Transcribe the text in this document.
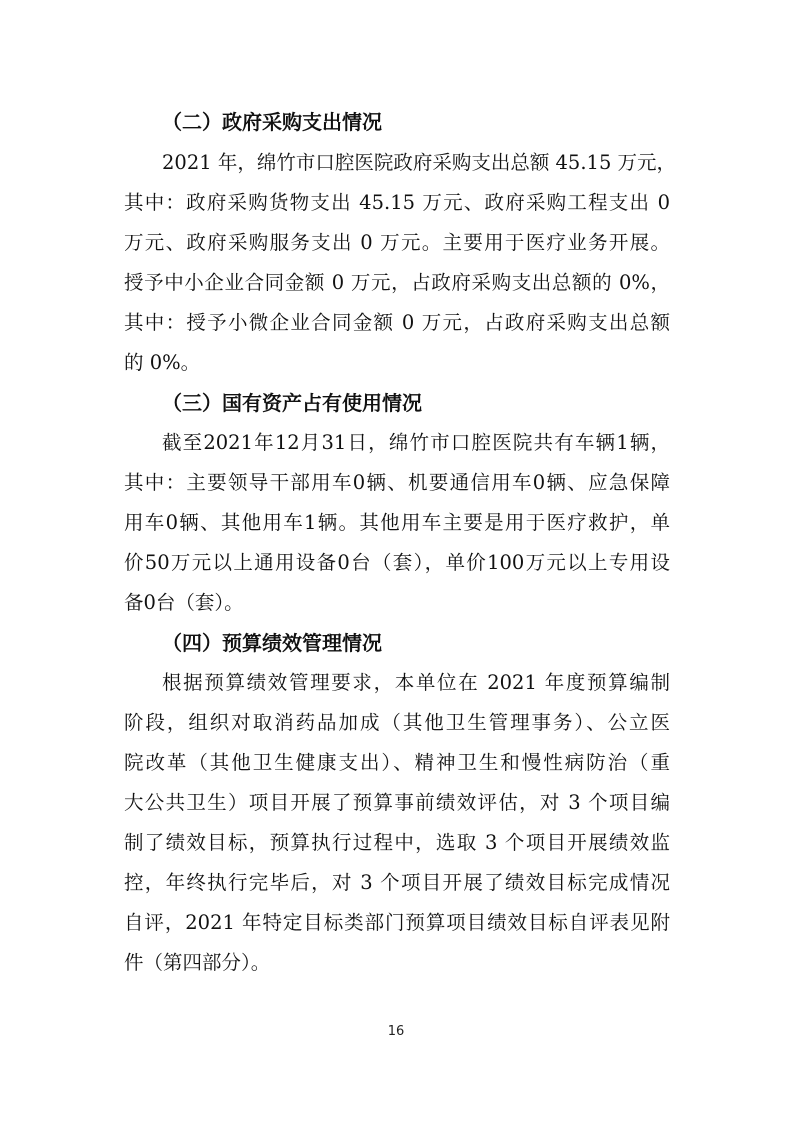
（二）政府采购支出情况
2021 年，绵竹市口腔医院政府采购支出总额 45.15 万元，
其中：政府采购货物支出 45.15 万元、政府采购工程支出 0
万元、政府采购服务支出 0 万元。主要用于医疗业务开展。
授予中小企业合同金额 0 万元，占政府采购支出总额的 0%，
其中：授予小微企业合同金额 0 万元，占政府采购支出总额
的 0%。
（三）国有资产占有使用情况
截至2021年12月31日，绵竹市口腔医院共有车辆1辆，
其中：主要领导干部用车0辆、机要通信用车0辆、应急保障
用车0辆、其他用车1辆。其他用车主要是用于医疗救护，单
价50万元以上通用设备0台（套），单价100万元以上专用设
备0台（套）。
（四）预算绩效管理情况
根据预算绩效管理要求，本单位在 2021 年度预算编制
阶段，组织对取消药品加成（其他卫生管理事务）、公立医
院改革（其他卫生健康支出）、精神卫生和慢性病防治（重
大公共卫生）项目开展了预算事前绩效评估，对 3 个项目编
制了绩效目标，预算执行过程中，选取 3 个项目开展绩效监
控，年终执行完毕后，对 3 个项目开展了绩效目标完成情况
自评，2021 年特定目标类部门预算项目绩效目标自评表见附
件（第四部分）。
16
